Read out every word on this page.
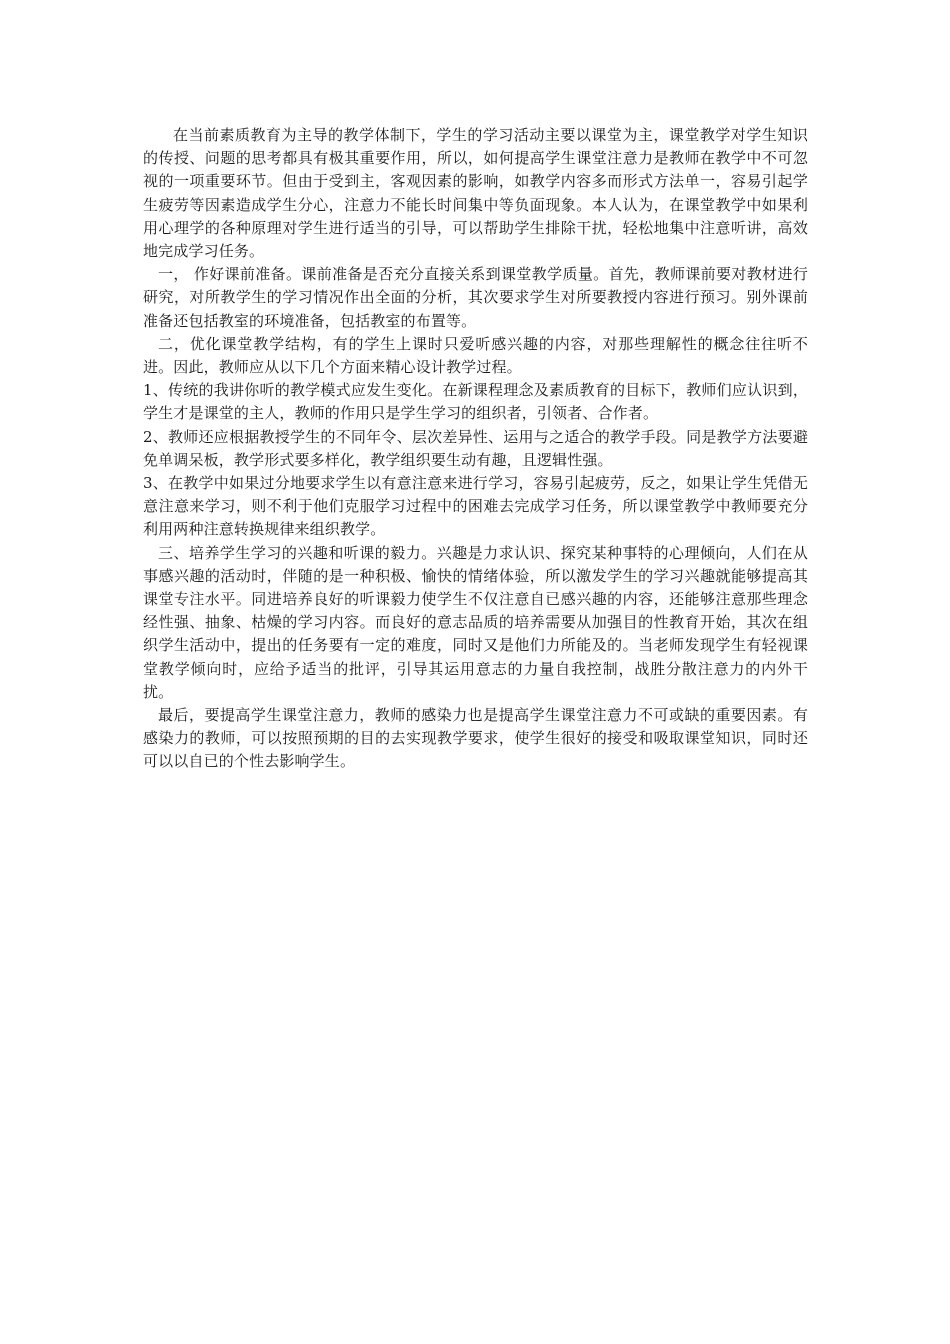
在当前素质教育为主导的教学体制下，学生的学习活动主要以课堂为主，课堂教学对学生知识的传授、问题的思考都具有极其重要作用，所以，如何提高学生课堂注意力是教师在教学中不可忽视的一项重要环节。但由于受到主，客观因素的影响，如教学内容多而形式方法单一，容易引起学生疲劳等因素造成学生分心，注意力不能长时间集中等负面现象。本人认为，在课堂教学中如果利用心理学的各种原理对学生进行适当的引导，可以帮助学生排除干扰，轻松地集中注意听讲，高效地完成学习任务。

一， 作好课前准备。课前准备是否充分直接关系到课堂教学质量。首先，教师课前要对教材进行研究，对所教学生的学习情况作出全面的分析，其次要求学生对所要教授内容进行预习。别外课前准备还包括教室的环境准备，包括教室的布置等。

二，优化课堂教学结构，有的学生上课时只爱听感兴趣的内容，对那些理解性的概念往往听不进。因此，教师应从以下几个方面来精心设计教学过程。

1、传统的我讲你听的教学模式应发生变化。在新课程理念及素质教育的目标下，教师们应认识到，学生才是课堂的主人，教师的作用只是学生学习的组织者，引领者、合作者。

2、教师还应根据教授学生的不同年令、层次差异性、运用与之适合的教学手段。同是教学方法要避免单调呆板，教学形式要多样化，教学组织要生动有趣，且逻辑性强。

3、在教学中如果过分地要求学生以有意注意来进行学习，容易引起疲劳，反之，如果让学生凭借无意注意来学习，则不利于他们克服学习过程中的困难去完成学习任务，所以课堂教学中教师要充分利用两种注意转换规律来组织教学。

三、培养学生学习的兴趣和听课的毅力。兴趣是力求认识、探究某种事特的心理倾向，人们在从事感兴趣的活动时，伴随的是一种积极、愉快的情绪体验，所以激发学生的学习兴趣就能够提高其课堂专注水平。同进培养良好的听课毅力使学生不仅注意自已感兴趣的内容，还能够注意那些理念经性强、抽象、枯燥的学习内容。而良好的意志品质的培养需要从加强目的性教育开始，其次在组织学生活动中，提出的任务要有一定的难度，同时又是他们力所能及的。当老师发现学生有轻视课堂教学倾向时，应给予适当的批评，引导其运用意志的力量自我控制，战胜分散注意力的内外干扰。

最后，要提高学生课堂注意力，教师的感染力也是提高学生课堂注意力不可或缺的重要因素。有感染力的教师，可以按照预期的目的去实现教学要求，使学生很好的接受和吸取课堂知识，同时还可以以自已的个性去影响学生。
